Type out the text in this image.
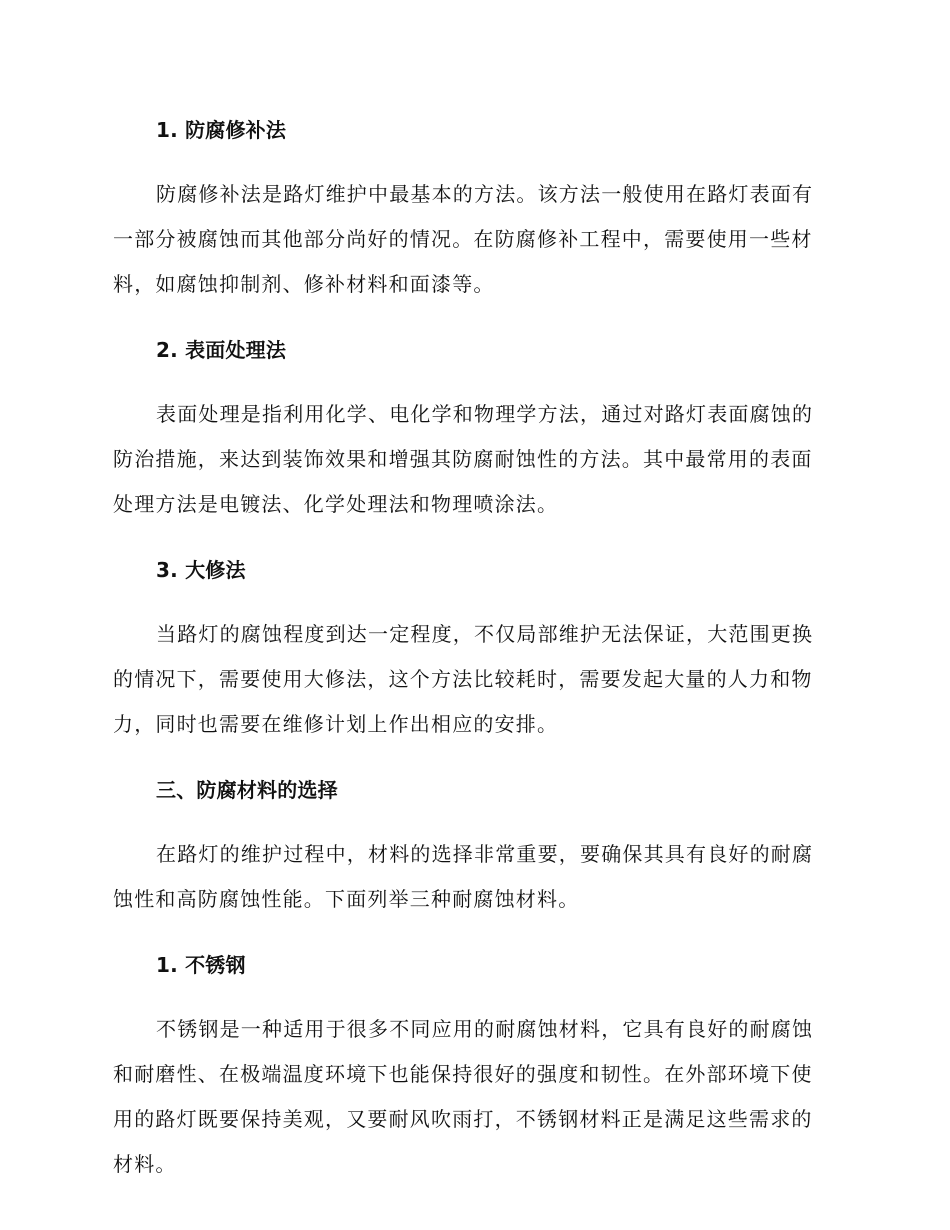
1. 防腐修补法

防腐修补法是路灯维护中最基本的方法。该方法一般使用在路灯表面有
一部分被腐蚀而其他部分尚好的情况。在防腐修补工程中，需要使用一些材
料，如腐蚀抑制剂、修补材料和面漆等。

2. 表面处理法

表面处理是指利用化学、电化学和物理学方法，通过对路灯表面腐蚀的
防治措施，来达到装饰效果和增强其防腐耐蚀性的方法。其中最常用的表面
处理方法是电镀法、化学处理法和物理喷涂法。

3. 大修法

当路灯的腐蚀程度到达一定程度，不仅局部维护无法保证，大范围更换
的情况下，需要使用大修法，这个方法比较耗时，需要发起大量的人力和物
力，同时也需要在维修计划上作出相应的安排。

三、防腐材料的选择

在路灯的维护过程中，材料的选择非常重要，要确保其具有良好的耐腐
蚀性和高防腐蚀性能。下面列举三种耐腐蚀材料。

1. 不锈钢

不锈钢是一种适用于很多不同应用的耐腐蚀材料，它具有良好的耐腐蚀
和耐磨性、在极端温度环境下也能保持很好的强度和韧性。在外部环境下使
用的路灯既要保持美观，又要耐风吹雨打，不锈钢材料正是满足这些需求的
材料。
